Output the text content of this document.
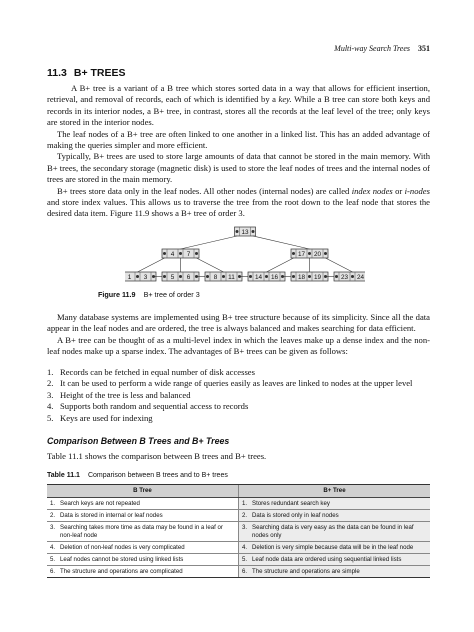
Multi-way Search Trees 351
11.3 B+ TREES

A B+ tree is a variant of a B tree which stores sorted data in a way that allows for efficient insertion, retrieval, and removal of records, each of which is identified by a key. While a B tree can store both keys and records in its interior nodes, a B+ tree, in contrast, stores all the records at the leaf level of the tree; only keys are stored in the interior nodes.

The leaf nodes of a B+ tree are often linked to one another in a linked list. This has an added advantage of making the queries simpler and more efficient.

Typically, B+ trees are used to store large amounts of data that cannot be stored in the main memory. With B+ trees, the secondary storage (magnetic disk) is used to store the leaf nodes of trees and the internal nodes of trees are stored in the main memory.

B+ trees store data only in the leaf nodes. All other nodes (internal nodes) are called index nodes or i-nodes and store index values. This allows us to traverse the tree from the root down to the leaf node that stores the desired data item. Figure 11.9 shows a B+ tree of order 3.

1 3	5 6	8 11	14 16	18 19	23 24
4 7	17 20
13
Figure 11.9 B+ tree of order 3

Many database systems are implemented using B+ tree structure because of its simplicity. Since all the data appear in the leaf nodes and are ordered, the tree is always balanced and makes searching for data efficient.

A B+ tree can be thought of as a multi-level index in which the leaves make up a dense index and the non-leaf nodes make up a sparse index. The advantages of B+ trees can be given as follows:

1. Records can be fetched in equal number of disk accesses
2. It can be used to perform a wide range of queries easily as leaves are linked to nodes at the upper level
3. Height of the tree is less and balanced
4. Supports both random and sequential access to records
5. Keys are used for indexing
Comparison Between B Trees and B+ Trees
Table 11.1 shows the comparison between B trees and B+ trees.
Table 11.1 Comparison between B trees and to B+ trees
B Tree	B+ Tree

1. Search keys are not repeated	1. Stores redundant search key

2. Data is stored in internal or leaf nodes	2. Data is stored only in leaf nodes

3. Searching takes more time as data may be found in a leaf or non-leaf node	3. Searching data is very easy as the data can be found in leaf nodes only

4. Deletion of non-leaf nodes is very complicated	4. Deletion is very simple because data will be in the leaf node

5. Leaf nodes cannot be stored using linked lists	5. Leaf node data are ordered using sequential linked lists

6. The structure and operations are complicated	6. The structure and operations are simple
